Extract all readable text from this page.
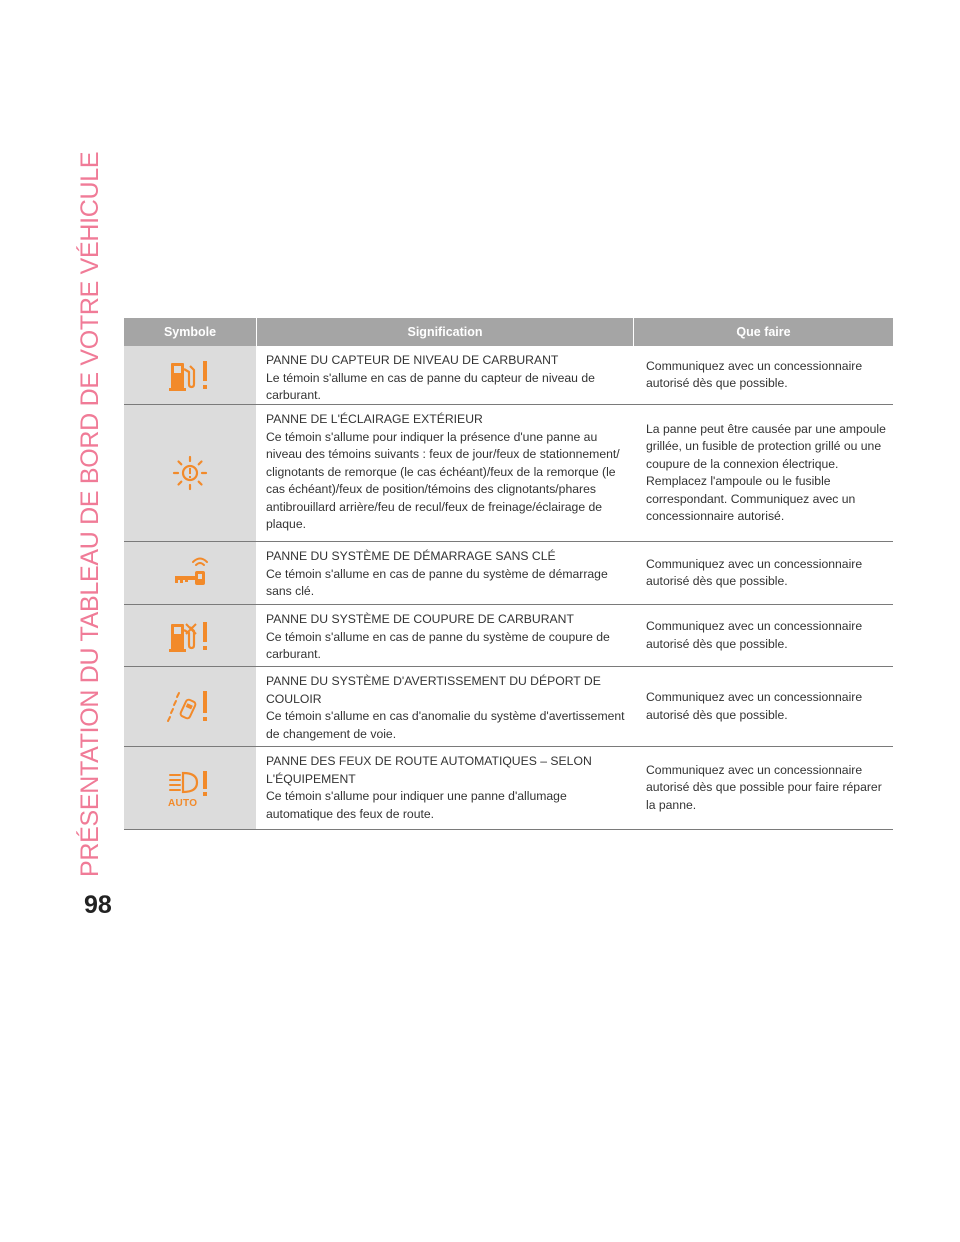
PRÉSENTATION DU TABLEAU DE BORD DE VOTRE VÉHICULE
98
Symbole	Signification	Que faire
PANNE DU CAPTEUR DE NIVEAU DE CARBURANT
Le témoin s'allume en cas de panne du capteur de niveau de carburant.
Communiquez avec un concessionnaire autorisé dès que possible.
PANNE DE L'ÉCLAIRAGE EXTÉRIEUR
Ce témoin s'allume pour indiquer la présence d'une panne au niveau des témoins suivants : feux de jour/feux de stationnement/ clignotants de remorque (le cas échéant)/feux de la remorque (le cas échéant)/feux de position/témoins des clignotants/phares antibrouillard arrière/feu de recul/feux de freinage/éclairage de plaque.
La panne peut être causée par une ampoule grillée, un fusible de protection grillé ou une coupure de la connexion électrique. Remplacez l'ampoule ou le fusible correspondant. Communiquez avec un concessionnaire autorisé.
PANNE DU SYSTÈME DE DÉMARRAGE SANS CLÉ
Ce témoin s'allume en cas de panne du système de démarrage sans clé.
Communiquez avec un concessionnaire autorisé dès que possible.
PANNE DU SYSTÈME DE COUPURE DE CARBURANT
Ce témoin s'allume en cas de panne du système de coupure de carburant.
Communiquez avec un concessionnaire autorisé dès que possible.
PANNE DU SYSTÈME D'AVERTISSEMENT DU DÉPORT DE COULOIR
Ce témoin s'allume en cas d'anomalie du système d'avertissement de changement de voie.
Communiquez avec un concessionnaire autorisé dès que possible.
AUTO
PANNE DES FEUX DE ROUTE AUTOMATIQUES – SELON L'ÉQUIPEMENT
Ce témoin s'allume pour indiquer une panne d'allumage automatique des feux de route.
Communiquez avec un concessionnaire autorisé dès que possible pour faire réparer la panne.
